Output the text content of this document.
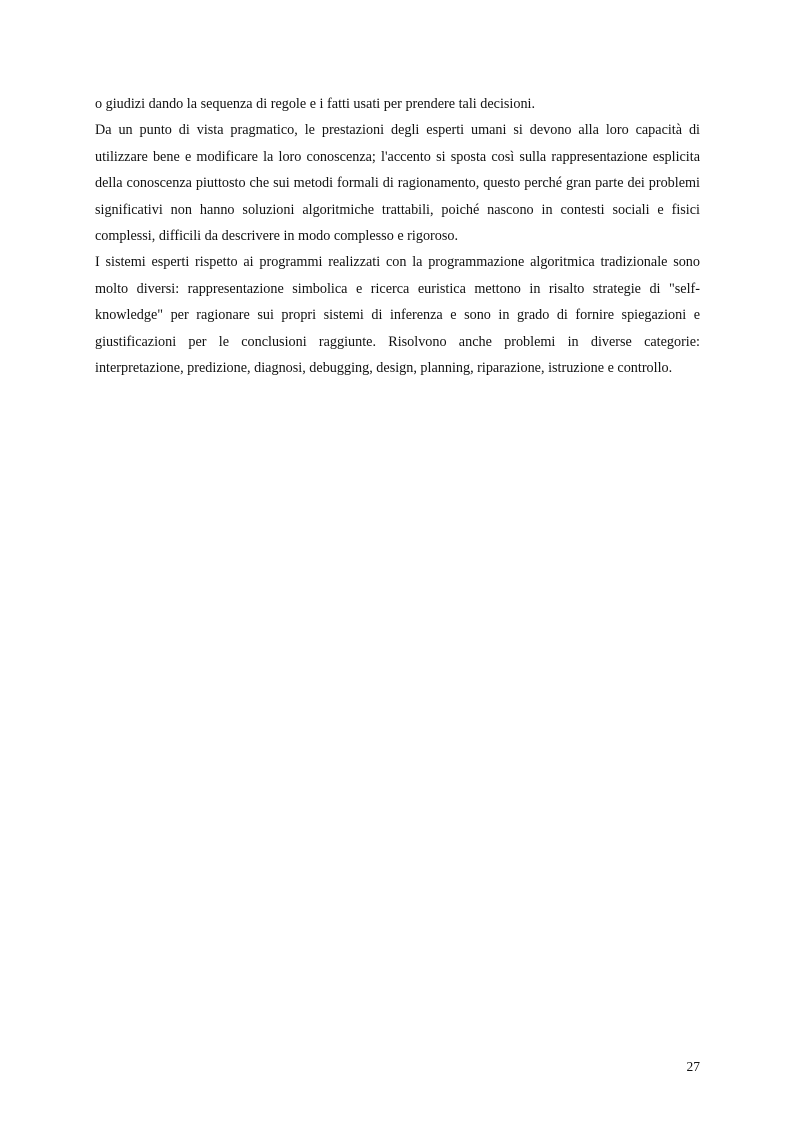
o giudizi dando la sequenza di regole e i fatti usati per prendere tali decisioni.

Da un punto di vista pragmatico, le prestazioni degli esperti umani si devono alla loro capacità di utilizzare bene e modificare la loro conoscenza; l'accento si sposta così sulla rappresentazione esplicita della conoscenza piuttosto che sui metodi formali di ragionamento, questo perché gran parte dei problemi significativi non hanno soluzioni algoritmiche trattabili, poiché nascono in contesti sociali e fisici complessi, difficili da descrivere in modo complesso e rigoroso.

I sistemi esperti rispetto ai programmi realizzati con la programmazione algoritmica tradizionale sono molto diversi: rappresentazione simbolica e ricerca euristica mettono in risalto strategie di "self-knowledge" per ragionare sui propri sistemi di inferenza e sono in grado di fornire spiegazioni e giustificazioni per le conclusioni raggiunte. Risolvono anche problemi in diverse categorie: interpretazione, predizione, diagnosi, debugging, design, planning, riparazione, istruzione e controllo.

27
